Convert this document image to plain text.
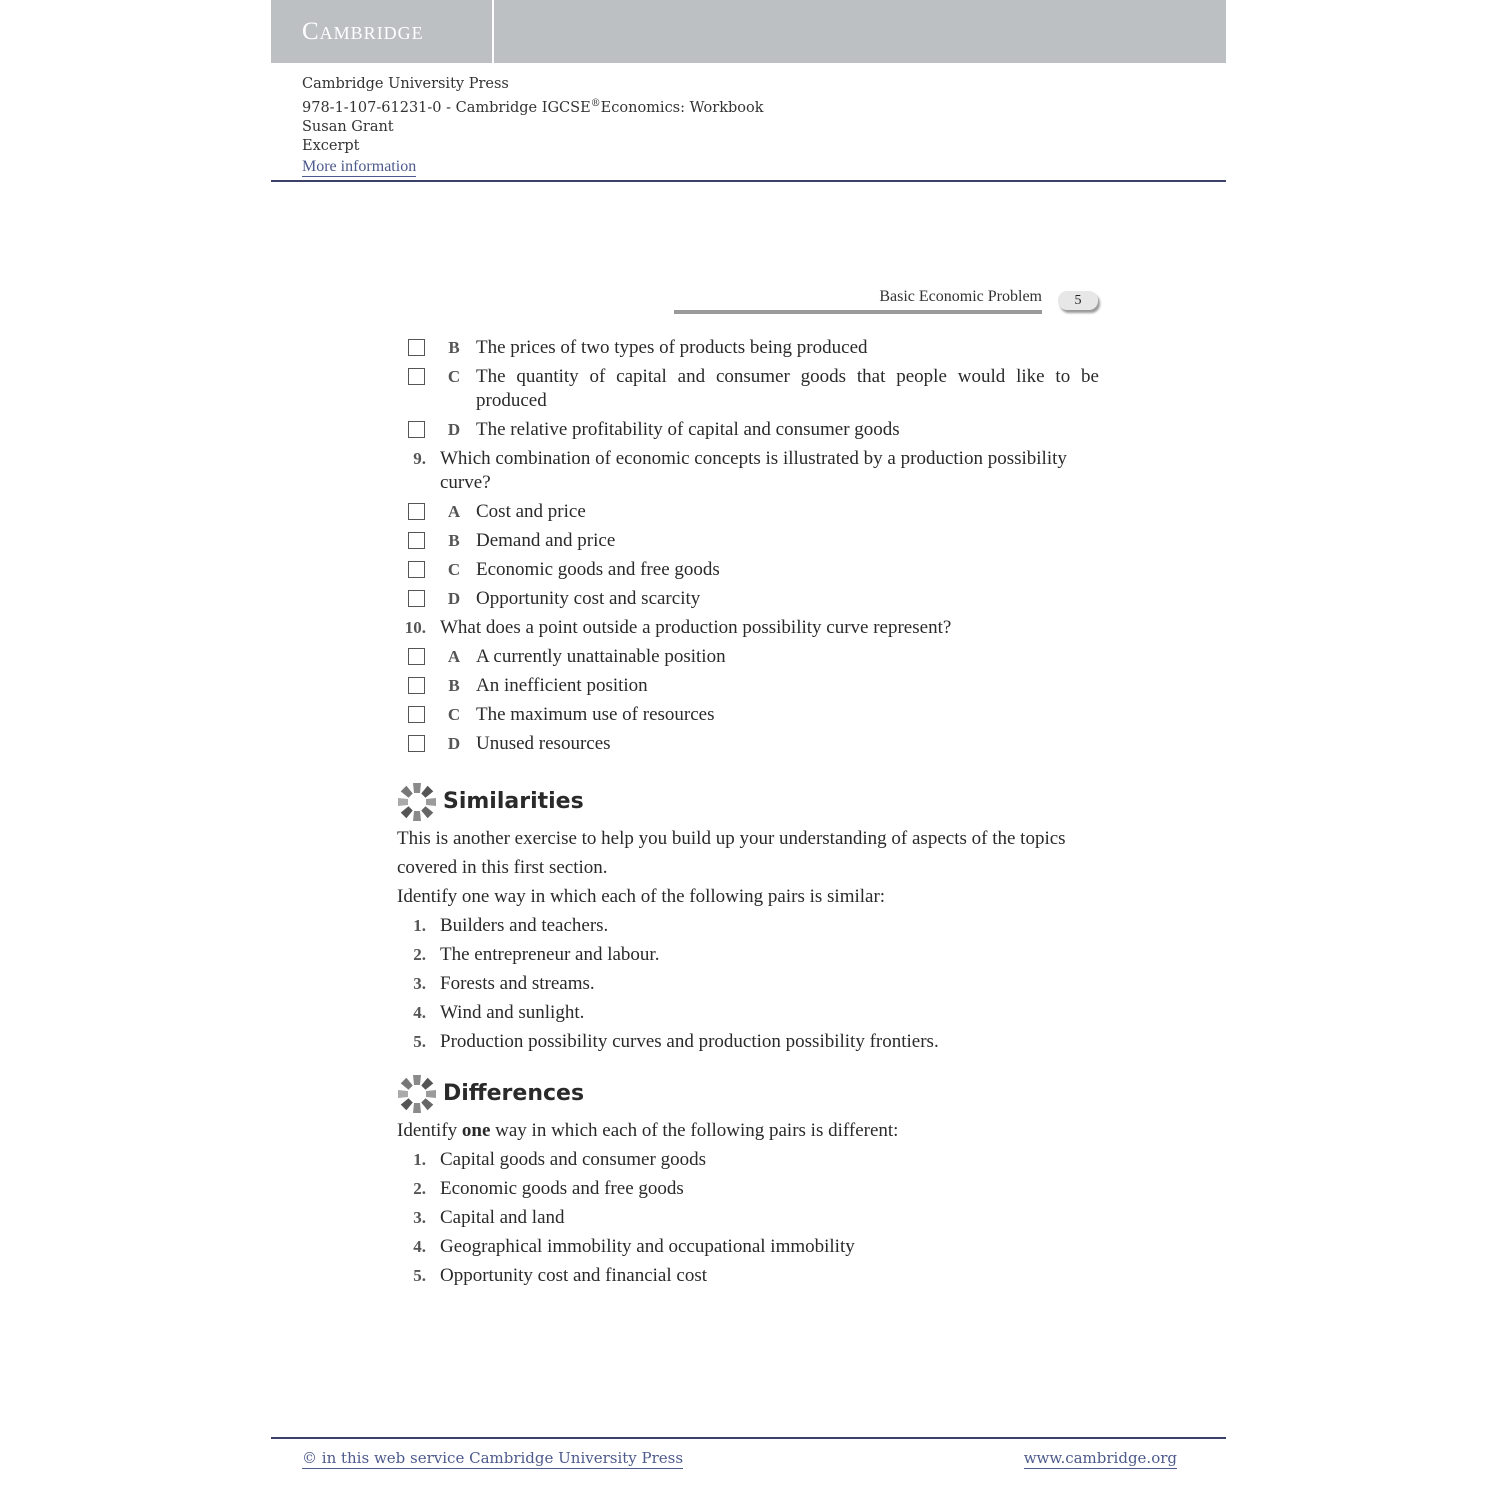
Cambridge
Cambridge University Press
978-1-107-61231-0 - Cambridge IGCSE®Economics: Workbook
Susan Grant
Excerpt
More information
Basic Economic Problem	5
B The prices of two types of products being produced
C The quantity of capital and consumer goods that people would like to be produced
D The relative profitability of capital and consumer goods
9. Which combination of economic concepts is illustrated by a production possibility curve?
A Cost and price
B Demand and price
C Economic goods and free goods
D Opportunity cost and scarcity
10. What does a point outside a production possibility curve represent?
A A currently unattainable position
B An inefficient position
C The maximum use of resources
D Unused resources
Similarities

This is another exercise to help you build up your understanding of aspects of the topics covered in this first section.

Identify one way in which each of the following pairs is similar:

1. Builders and teachers.
2. The entrepreneur and labour.
3. Forests and streams.
4. Wind and sunlight.
5. Production possibility curves and production possibility frontiers.
Differences

Identify one way in which each of the following pairs is different:

1. Capital goods and consumer goods
2. Economic goods and free goods
3. Capital and land
4. Geographical immobility and occupational immobility
5. Opportunity cost and financial cost
© in this web service Cambridge University Press	www.cambridge.org
